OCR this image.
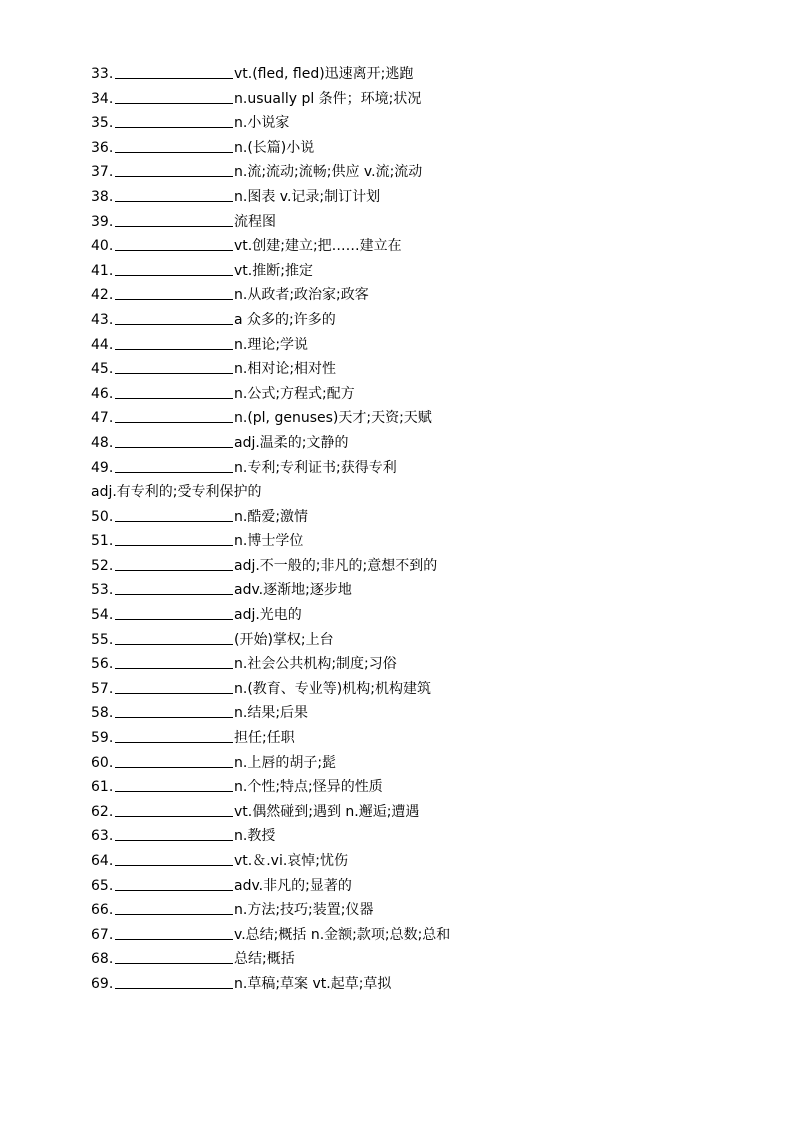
33.	vt.(fled, fled)迅速离开;逃跑
34.	n.usually pl 条件；环境;状况
35.	n.小说家
36.	n.(长篇)小说
37.	n.流;流动;流畅;供应 v.流;流动
38.	n.图表 v.记录;制订计划
39.	流程图
40.	vt.创建;建立;把……建立在
41.	vt.推断;推定
42.	n.从政者;政治家;政客
43.	a 众多的;许多的
44.	n.理论;学说
45.	n.相对论;相对性
46.	n.公式;方程式;配方
47.	n.(pl, genuses)天才;天资;天赋
48.	adj.温柔的;文静的
49.	n.专利;专利证书;获得专利
adj.有专利的;受专利保护的
50.	n.酷爱;激情
51.	n.博士学位
52.	adj.不一般的;非凡的;意想不到的
53.	adv.逐渐地;逐步地
54.	adj.光电的
55.	(开始)掌权;上台
56.	n.社会公共机构;制度;习俗
57.	n.(教育、专业等)机构;机构建筑
58.	n.结果;后果
59.	担任;任职
60.	n.上唇的胡子;髭
61.	n.个性;特点;怪异的性质
62.	vt.偶然碰到;遇到 n.邂逅;遭遇
63.	n.教授
64.	vt.＆.vi.哀悼;忧伤
65.	adv.非凡的;显著的
66.	n.方法;技巧;装置;仪器
67.	v.总结;概括 n.金额;款项;总数;总和
68.	总结;概括
69.	n.草稿;草案 vt.起草;草拟
